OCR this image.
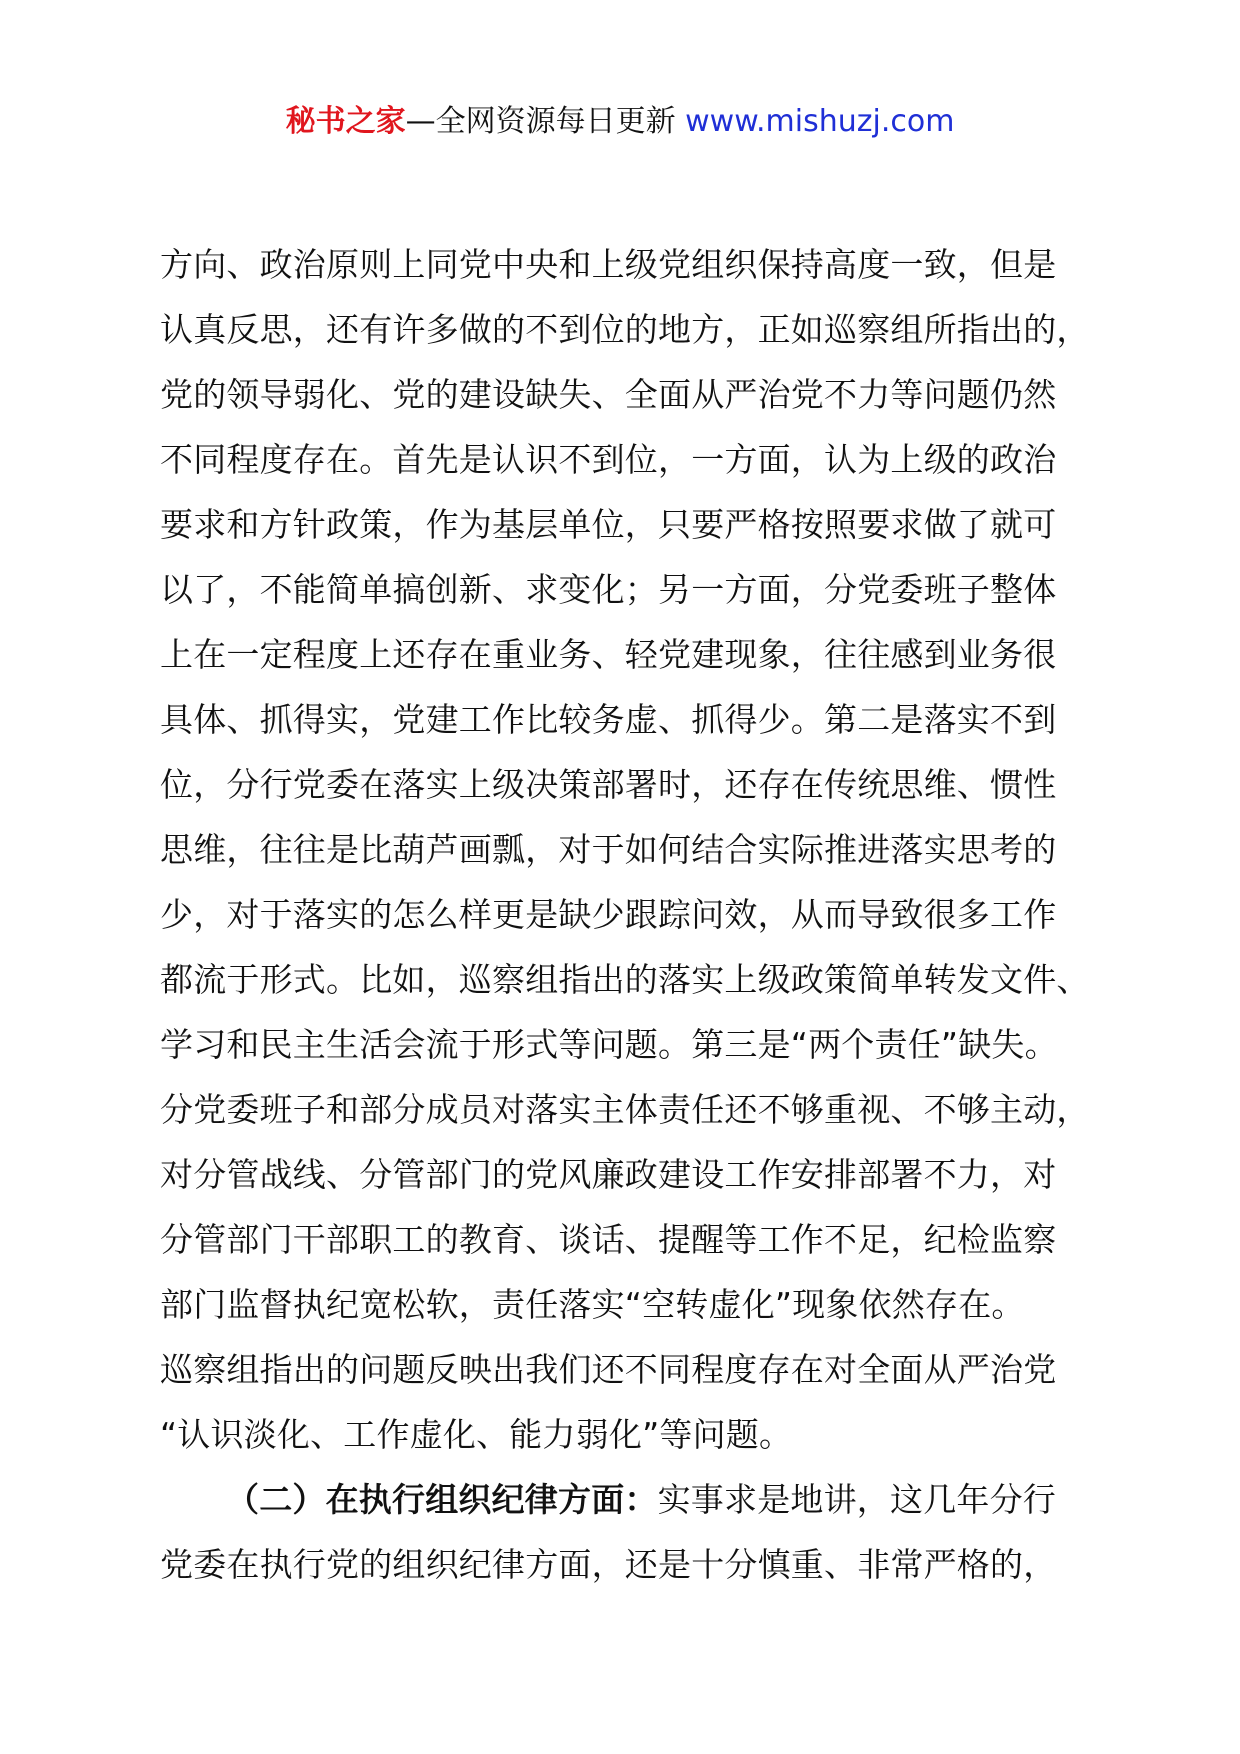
秘书之家—全网资源每日更新 www.mishuzj.com
方向、政治原则上同党中央和上级党组织保持高度一致，但是
认真反思，还有许多做的不到位的地方，正如巡察组所指出的，
党的领导弱化、党的建设缺失、全面从严治党不力等问题仍然
不同程度存在。首先是认识不到位，一方面，认为上级的政治
要求和方针政策，作为基层单位，只要严格按照要求做了就可
以了，不能简单搞创新、求变化；另一方面，分党委班子整体
上在一定程度上还存在重业务、轻党建现象，往往感到业务很
具体、抓得实，党建工作比较务虚、抓得少。第二是落实不到
位，分行党委在落实上级决策部署时，还存在传统思维、惯性
思维，往往是比葫芦画瓢，对于如何结合实际推进落实思考的
少，对于落实的怎么样更是缺少跟踪问效，从而导致很多工作
都流于形式。比如，巡察组指出的落实上级政策简单转发文件、
学习和民主生活会流于形式等问题。第三是“两个责任”缺失。
分党委班子和部分成员对落实主体责任还不够重视、不够主动，
对分管战线、分管部门的党风廉政建设工作安排部署不力，对
分管部门干部职工的教育、谈话、提醒等工作不足，纪检监察
部门监督执纪宽松软，责任落实“空转虚化”现象依然存在。
巡察组指出的问题反映出我们还不同程度存在对全面从严治党
“认识淡化、工作虚化、能力弱化”等问题。
（二）在执行组织纪律方面：实事求是地讲，这几年分行
党委在执行党的组织纪律方面，还是十分慎重、非常严格的，
